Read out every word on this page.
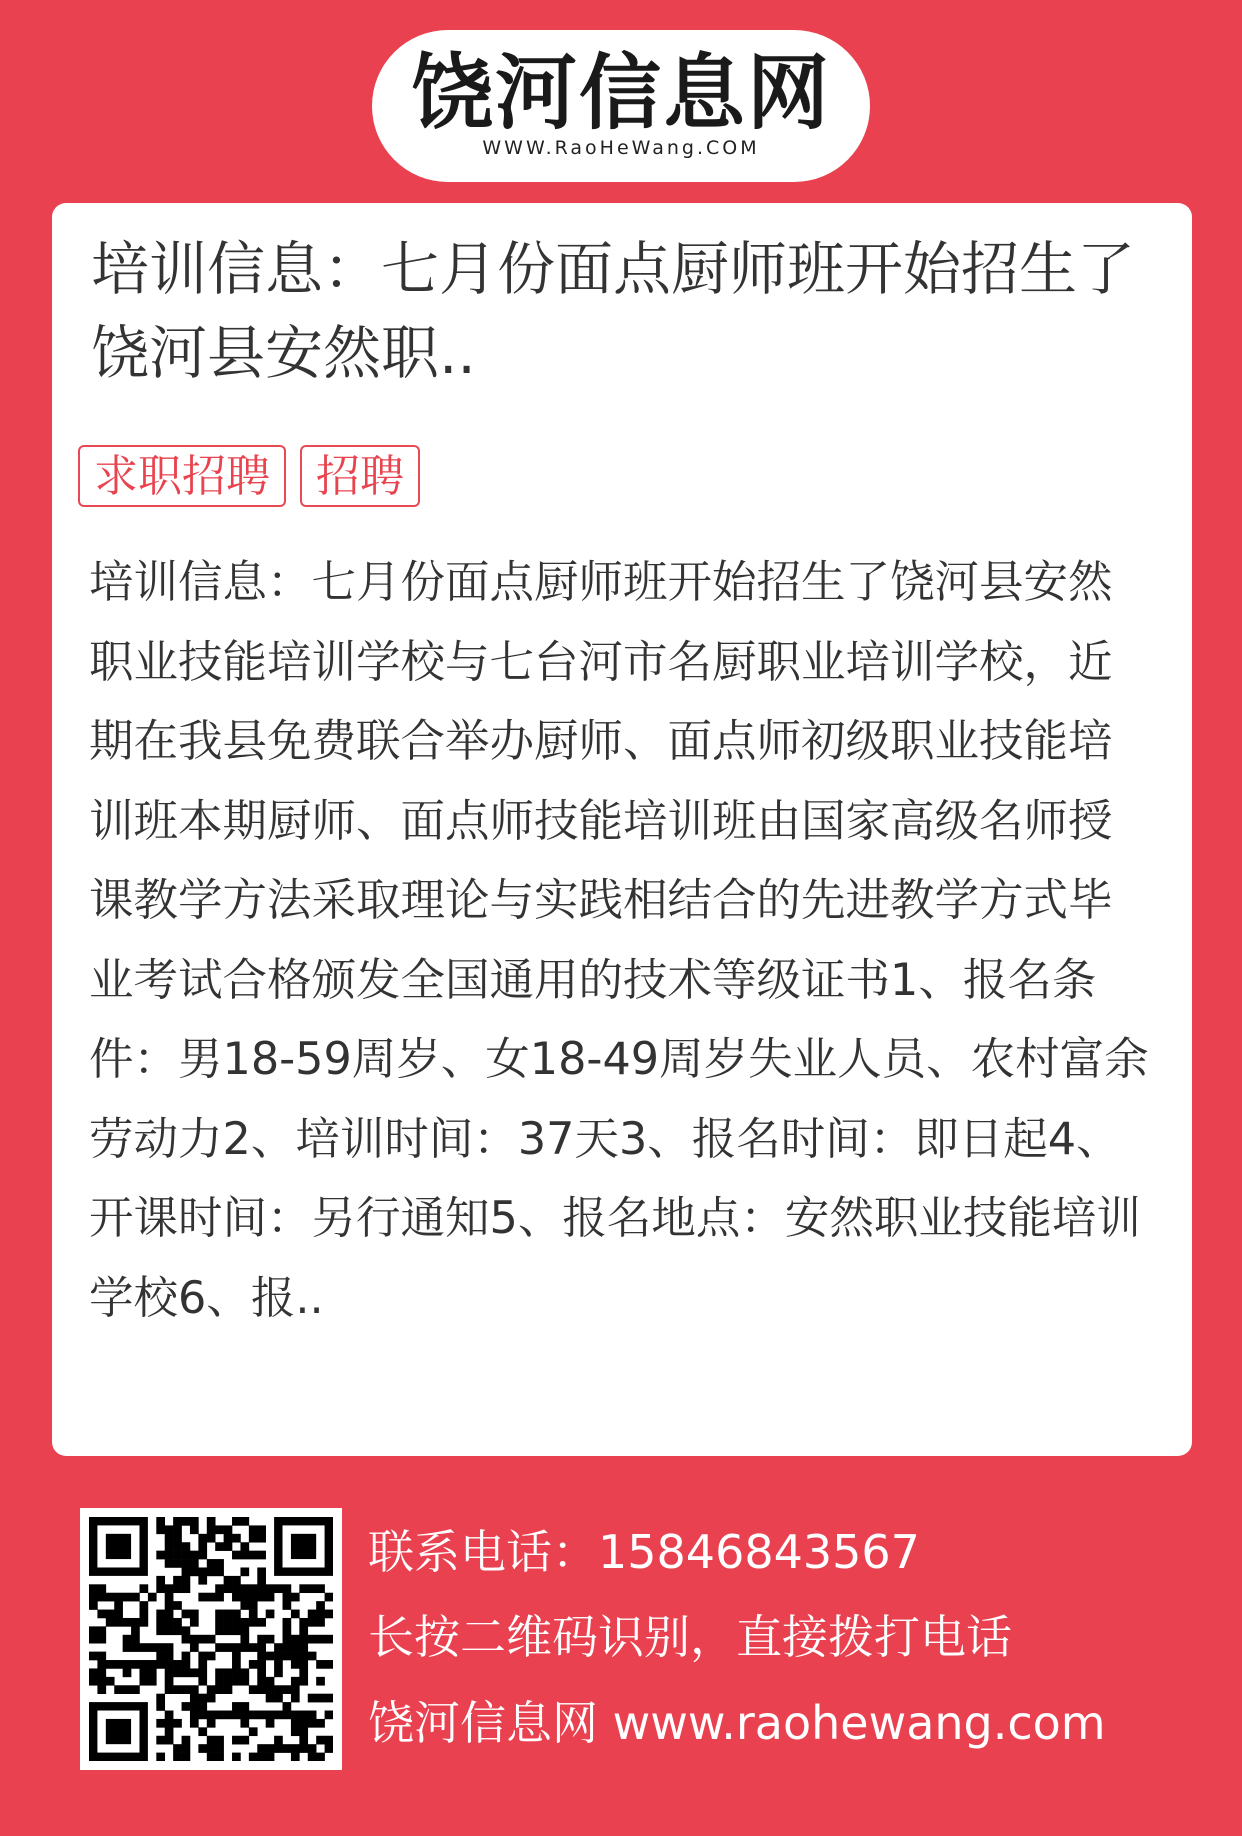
饶河信息网
WWW.RaoHeWang.COM
培训信息：七月份面点厨师班开始招生了饶河县安然职..
求职招聘	招聘

培训信息：七月份面点厨师班开始招生了饶河县安然职业技能培训学校与七台河市名厨职业培训学校，近期在我县免费联合举办厨师、面点师初级职业技能培训班本期厨师、面点师技能培训班由国家高级名师授课教学方法采取理论与实践相结合的先进教学方式毕业考试合格颁发全国通用的技术等级证书1、报名条件：男18-59周岁、女18-49周岁失业人员、农村富余劳动力2、培训时间：37天3、报名时间：即日起4、开课时间：另行通知5、报名地点：安然职业技能培训学校6、报..

联系电话：15846843567
长按二维码识别，直接拨打电话
饶河信息网 www.raohewang.com
